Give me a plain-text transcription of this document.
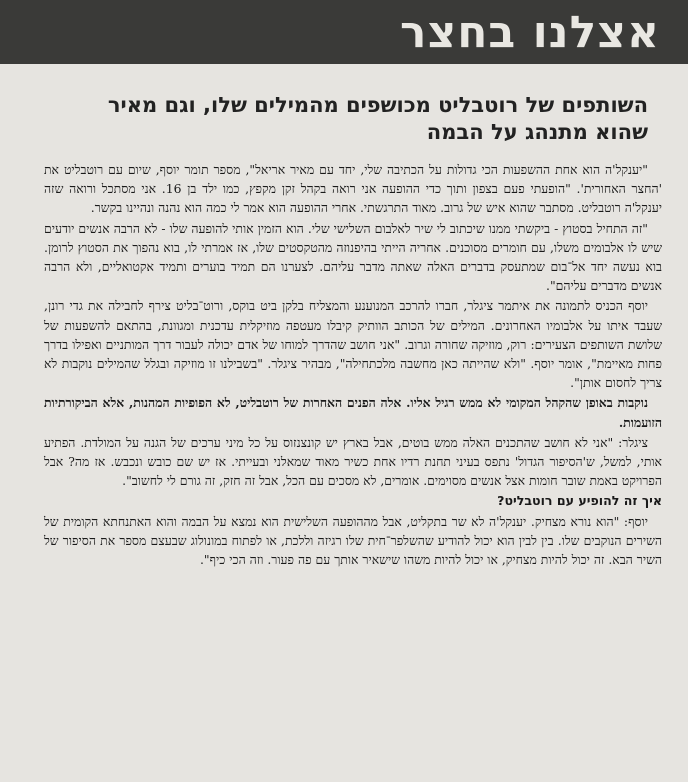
אצלנו בחצר
השותפים של רוטבליט מכושפים מהמילים שלו, וגם מאיר שהוא מתנהג על הבמה

"יענקל'ה הוא אחת ההשפעות הכי גדולות על הכתיבה שלי, יחד עם מאיר אריאל", מספר תומר יוסף, שיום עם רוטבליט את 'החצר האחורית'. "הופעתי פעם בצפון ותוך כדי ההופעה אני רואה בקהל זקן מקפץ, כמו ילד בן 16. אני מסתכל ורואה שזה יענקל'ה רוטבליט. מסתבר שהוא איש של גרוב. מאוד התרגשתי. אחרי ההופעה הוא אמר לי כמה הוא נהנה ונהיינו בקשר.

"זה התחיל בסטוץ - ביקשתי ממנו שיכתוב לי שיר לאלבום השלישי שלי. הוא הזמין אותי להופעה שלו - לא הרבה אנשים יודעים שיש לו אלבומים משלו, עם חומרים מסוכנים. אחריה הייתי בהיפנוזה מהטקסטים שלו, אז אמרתי לו, בוא נהפוך את הסטוץ לרומן. בוא נעשה יחד אל־בום שמתעסק בדברים האלה שאתה מדבר עליהם. לצערנו הם תמיד בוערים ותמיד אקטואליים, ולא הרבה אנשים מדברים עליהם".

יוסף הכניס לתמונה את איתמר ציגלר, חברו להרכב המנוענע והמצליח בלקן ביט בוקס, ורוט־בליט צירף לחבילה את גדי רונן, שעבד איתו על אלבומיו האחרונים. המילים של הכותב הוותיק קיבלו מעטפה מוזיקלית עדכנית ומגוונת, בהתאם להשפעות של שלושת השותפים הצעירים: רוק, מוזיקה שחורה וגרוב. "אני חושב שהדרך למוחו של אדם יכולה לעבור דרך המותניים ואפילו בדרך פחות מאיימת", אומר יוסף. "ולא שהייתה כאן מחשבה מלכתחילה", מבהיר ציגלר. "בשבילנו זו מוזיקה ובגלל שהמילים נוקבות לא צריך לחסום אותן".

נוקבות באופן שהקהל המקומי לא ממש רגיל אליו. אלה הפנים האחרות של רוטבליט, לא הפופיות המהנות, אלא הביקורתיות הזועמות.

ציגלר: "אני לא חושב שהתכנים האלה ממש בוטים, אבל בארץ יש קונצנזוס על כל מיני ערכים של הגנה על המולדת. הפתיע אותי, למשל, ש'הסיפור הגדול' נתפס בעיני תחנת רדיו אחת כשיר מאוד שמאלני ובעייתי. אז יש שם כובש ונכבש. אז מה? אבל הפרויקט באמת שובר חומות אצל אנשים מסוימים. אומרים, לא מסכים עם הכל, אבל זה חזק, זה גורם לי לחשוב".

איך זה להופיע עם רוטבליט?

יוסף: "הוא נורא מצחיק. יענקל'ה לא שר בתקליט, אבל מההופעה השלישית הוא נמצא על הבמה והוא האתנחתא הקומית של השירים הנוקבים שלו. בין לבין הוא יכול להודיע שהשלפר־חית שלו רגיזה וללכת, או לפתוח במונולוג שבעצם מספר את הסיפור של השיר הבא. זה יכול להיות מצחיק, או יכול להיות משהו שישאיר אותך עם פה פעור. וזה הכי כיף".
